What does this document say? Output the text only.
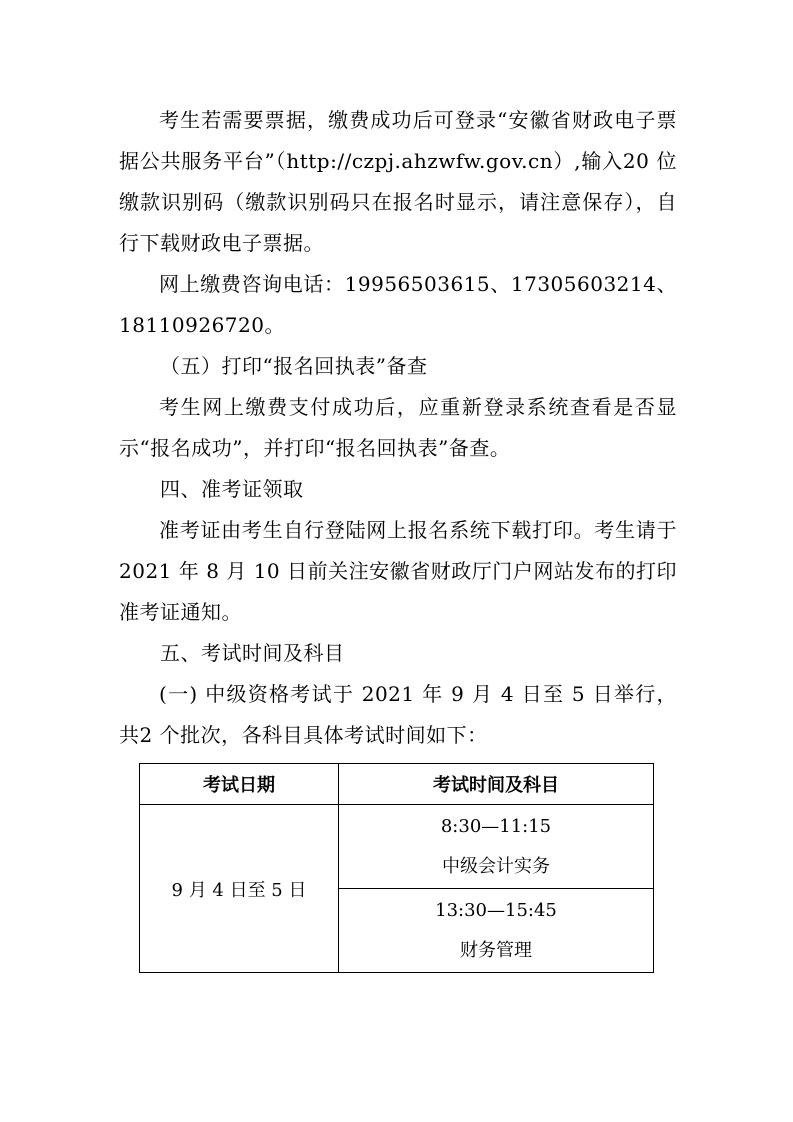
考生若需要票据，缴费成功后可登录“安徽省财政电子票据公共服务平台”（http://czpj.ahzwfw.gov.cn）,输入20 位缴款识别码（缴款识别码只在报名时显示，请注意保存），自行下载财政电子票据。

网上缴费咨询电话：19956503615、17305603214、18110926720。

（五）打印“报名回执表”备查

考生网上缴费支付成功后，应重新登录系统查看是否显示“报名成功”，并打印“报名回执表”备查。

四、准考证领取

准考证由考生自行登陆网上报名系统下载打印。考生请于 2021 年 8 月 10 日前关注安徽省财政厅门户网站发布的打印准考证通知。

五、考试时间及科目

(一) 中级资格考试于 2021 年 9 月 4 日至 5 日举行，共2 个批次，各科目具体考试时间如下：

考试日期	考试时间及科目
9 月 4 日至 5 日	8:30—11:15
中级会计实务

	13:30—15:45
财务管理
